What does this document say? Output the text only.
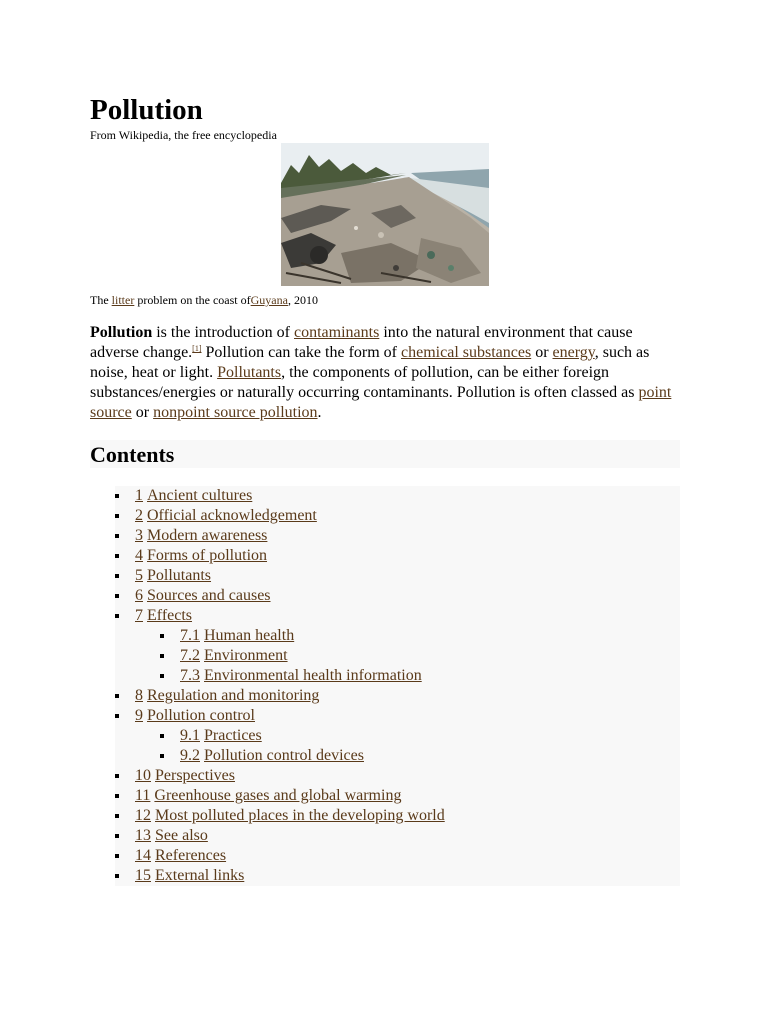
Pollution
From Wikipedia, the free encyclopedia
The litter problem on the coast ofGuyana, 2010

Pollution is the introduction of contaminants into the natural environment that cause adverse change.[1] Pollution can take the form of chemical substances or energy, such as noise, heat or light. Pollutants, the components of pollution, can be either foreign substances/energies or naturally occurring contaminants. Pollution is often classed as point source or nonpoint source pollution.

Contents
1 Ancient cultures
2 Official acknowledgement
3 Modern awareness
4 Forms of pollution
5 Pollutants
6 Sources and causes
7 Effects
7.1 Human health
7.2 Environment
7.3 Environmental health information
8 Regulation and monitoring
9 Pollution control
9.1 Practices
9.2 Pollution control devices
10 Perspectives
11 Greenhouse gases and global warming
12 Most polluted places in the developing world
13 See also
14 References
15 External links
